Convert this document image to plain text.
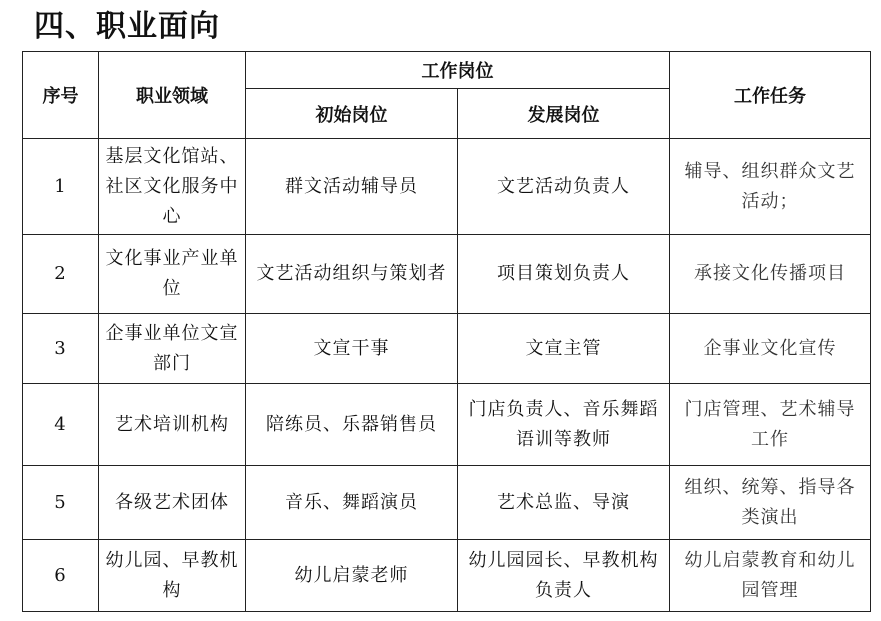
四、职业面向
序号	职业领域	工作岗位		工作任务
		初始岗位	发展岗位	
1	基层文化馆站、社区文化服务中心	群文活动辅导员	文艺活动负责人	辅导、组织群众文艺活动；
2	文化事业产业单位	文艺活动组织与策划者	项目策划负责人	承接文化传播项目
3	企事业单位文宣部门	文宣干事	文宣主管	企事业文化宣传
4	艺术培训机构	陪练员、乐器销售员	门店负责人、音乐舞蹈语训等教师	门店管理、艺术辅导工作
5	各级艺术团体	音乐、舞蹈演员	艺术总监、导演	组织、统筹、指导各类演出
6	幼儿园、早教机构	幼儿启蒙老师	幼儿园园长、早教机构负责人	幼儿启蒙教育和幼儿园管理
